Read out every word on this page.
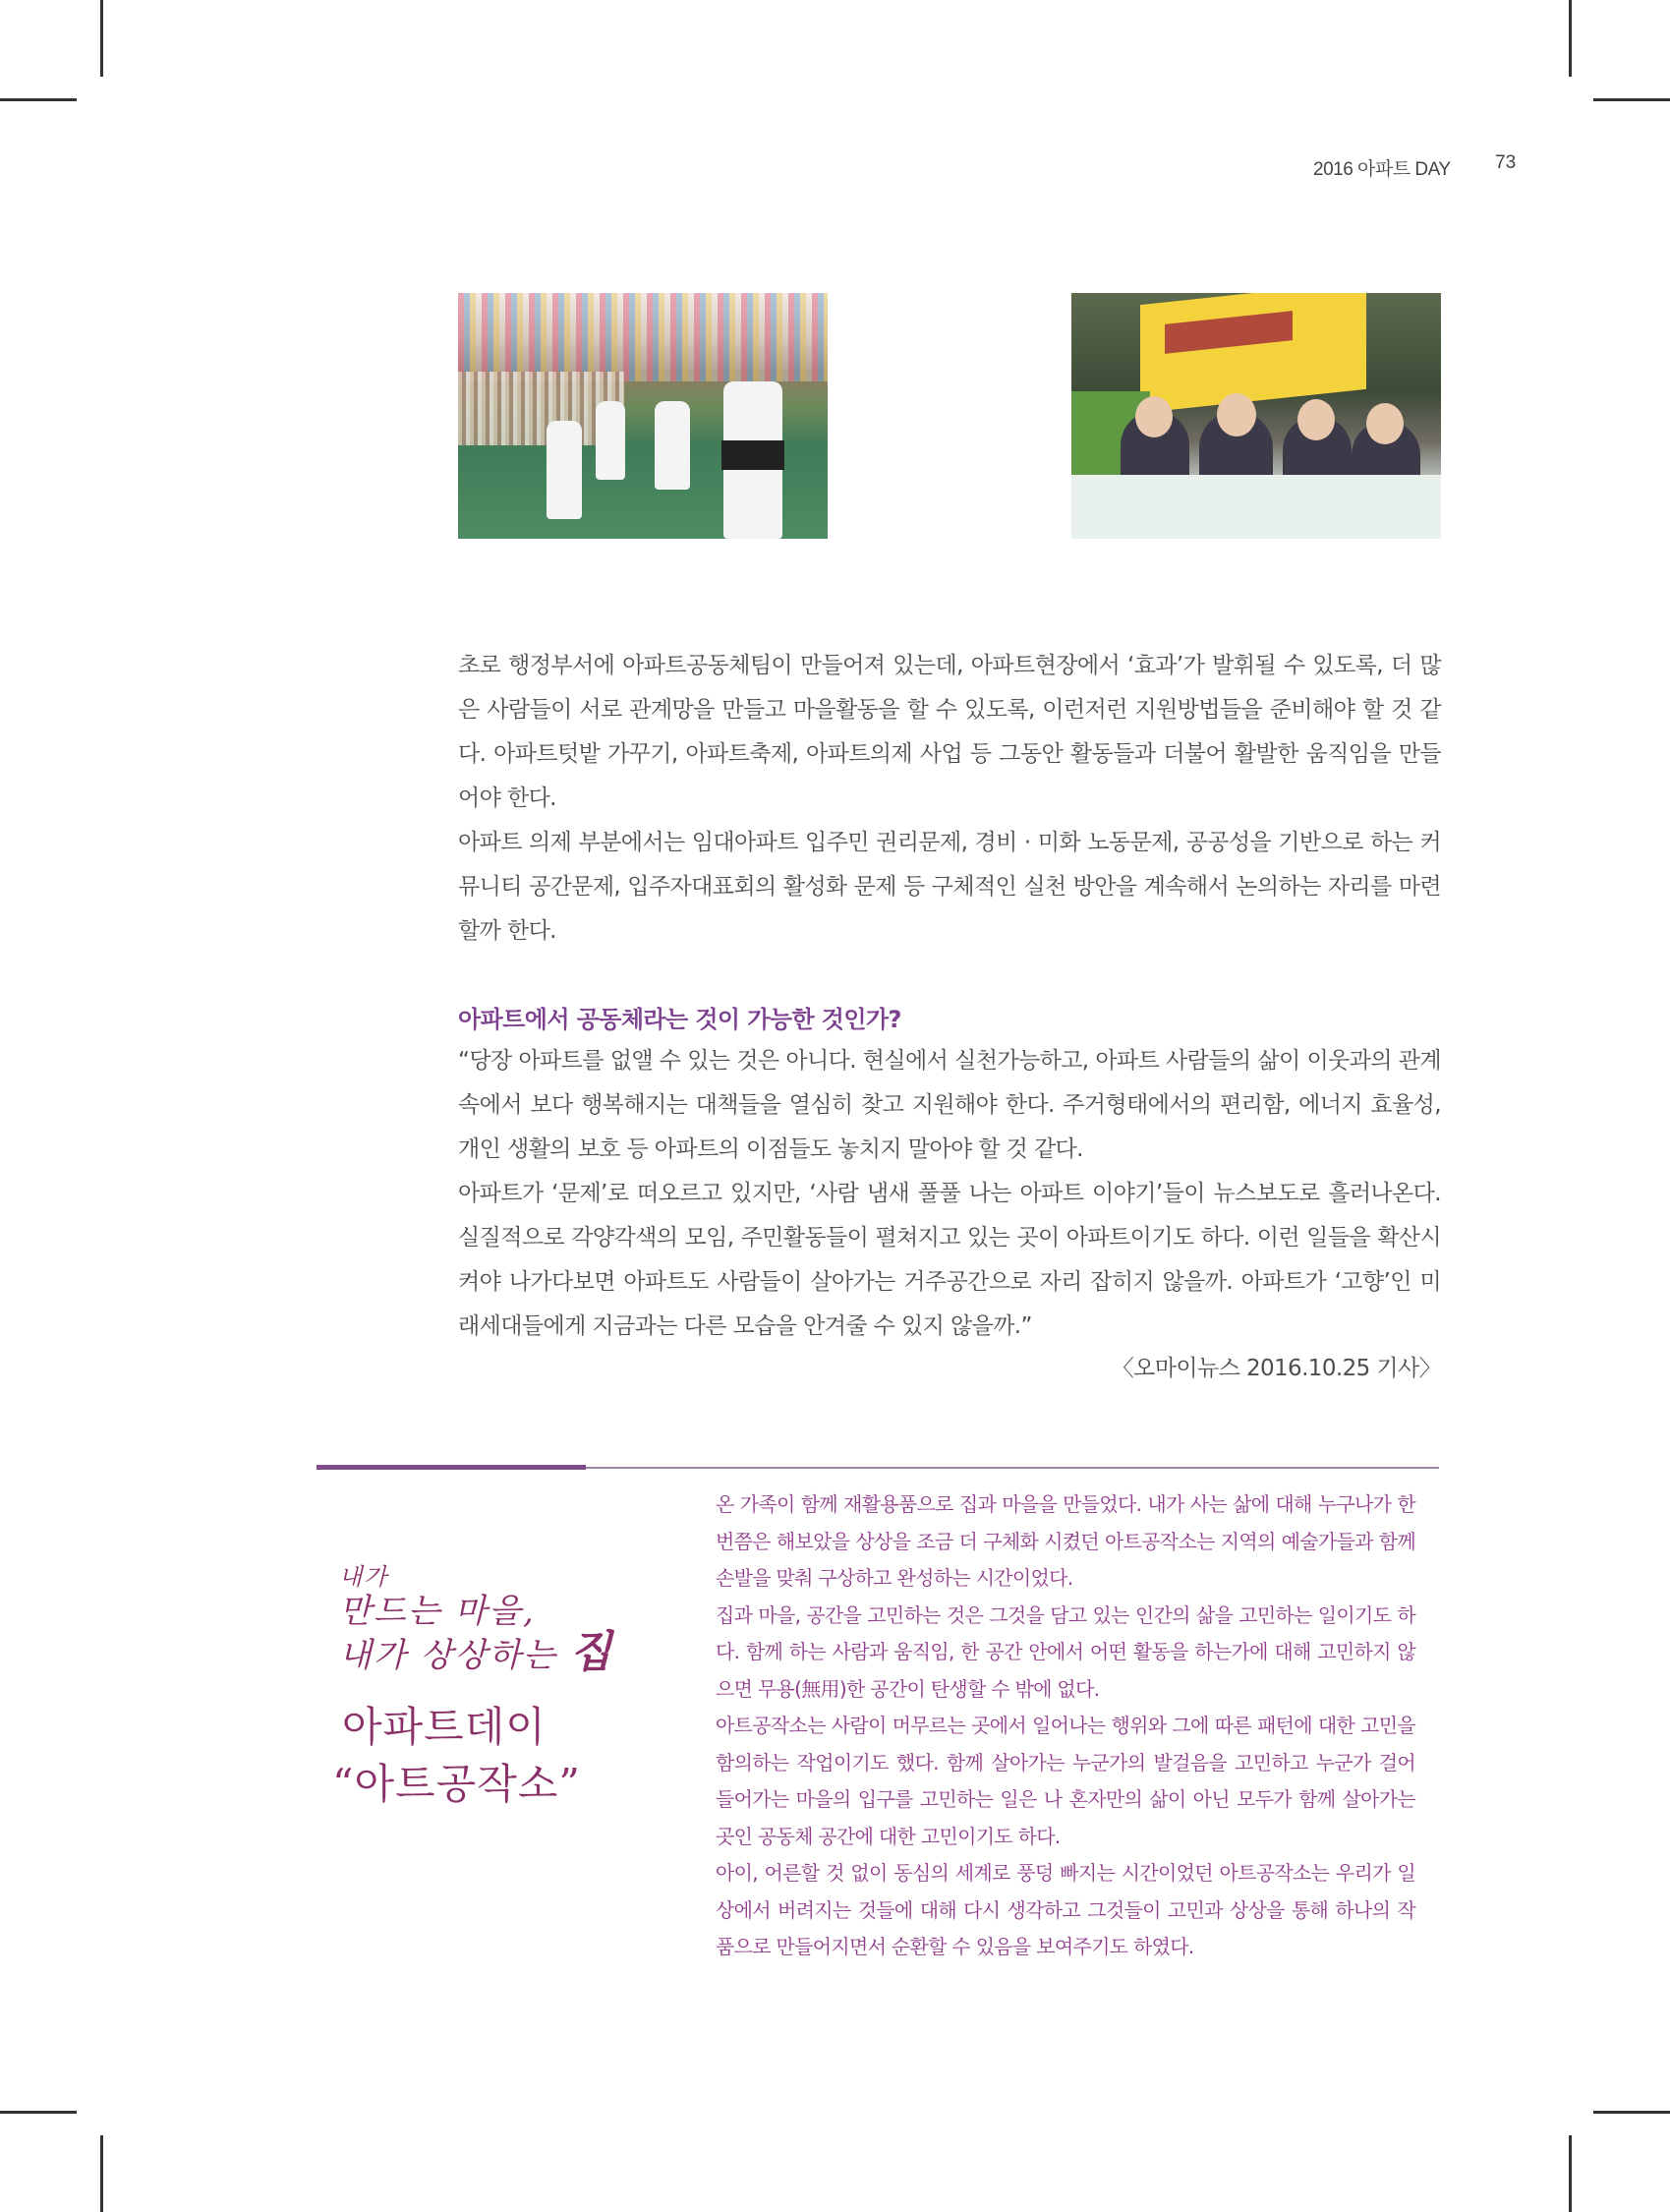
2016 아파트 DAY 73

초로 행정부서에 아파트공동체팀이 만들어져 있는데, 아파트현장에서 ‘효과’가 발휘될 수 있도록, 더 많은 사람들이 서로 관계망을 만들고 마을활동을 할 수 있도록, 이런저런 지원방법들을 준비해야 할 것 같다. 아파트텃밭 가꾸기, 아파트축제, 아파트의제 사업 등 그동안 활동들과 더불어 활발한 움직임을 만들어야 한다.

아파트 의제 부분에서는 임대아파트 입주민 권리문제, 경비 · 미화 노동문제, 공공성을 기반으로 하는 커뮤니티 공간문제, 입주자대표회의 활성화 문제 등 구체적인 실천 방안을 계속해서 논의하는 자리를 마련할까 한다.

아파트에서 공동체라는 것이 가능한 것인가?

“당장 아파트를 없앨 수 있는 것은 아니다. 현실에서 실천가능하고, 아파트 사람들의 삶이 이웃과의 관계 속에서 보다 행복해지는 대책들을 열심히 찾고 지원해야 한다. 주거형태에서의 편리함, 에너지 효율성, 개인 생활의 보호 등 아파트의 이점들도 놓치지 말아야 할 것 같다.

아파트가 ‘문제’로 떠오르고 있지만, ‘사람 냄새 풀풀 나는 아파트 이야기’들이 뉴스보도로 흘러나온다. 실질적으로 각양각색의 모임, 주민활동들이 펼쳐지고 있는 곳이 아파트이기도 하다. 이런 일들을 확산시켜야 나가다보면 아파트도 사람들이 살아가는 거주공간으로 자리 잡히지 않을까. 아파트가 ‘고향’인 미래세대들에게 지금과는 다른 모습을 안겨줄 수 있지 않을까.”

〈오마이뉴스 2016.10.25 기사〉
내가
만드는 마을,
내가 상상하는 집
아파트데이
“아트공작소”

온 가족이 함께 재활용품으로 집과 마을을 만들었다. 내가 사는 삶에 대해 누구나가 한번쯤은 해보았을 상상을 조금 더 구체화 시켰던 아트공작소는 지역의 예술가들과 함께 손발을 맞춰 구상하고 완성하는 시간이었다.

집과 마을, 공간을 고민하는 것은 그것을 담고 있는 인간의 삶을 고민하는 일이기도 하다. 함께 하는 사람과 움직임, 한 공간 안에서 어떤 활동을 하는가에 대해 고민하지 않으면 무용(無用)한 공간이 탄생할 수 밖에 없다.

아트공작소는 사람이 머무르는 곳에서 일어나는 행위와 그에 따른 패턴에 대한 고민을 함의하는 작업이기도 했다. 함께 살아가는 누군가의 발걸음을 고민하고 누군가 걸어 들어가는 마을의 입구를 고민하는 일은 나 혼자만의 삶이 아닌 모두가 함께 살아가는 곳인 공동체 공간에 대한 고민이기도 하다.

아이, 어른할 것 없이 동심의 세계로 풍덩 빠지는 시간이었던 아트공작소는 우리가 일상에서 버려지는 것들에 대해 다시 생각하고 그것들이 고민과 상상을 통해 하나의 작품으로 만들어지면서 순환할 수 있음을 보여주기도 하였다.
